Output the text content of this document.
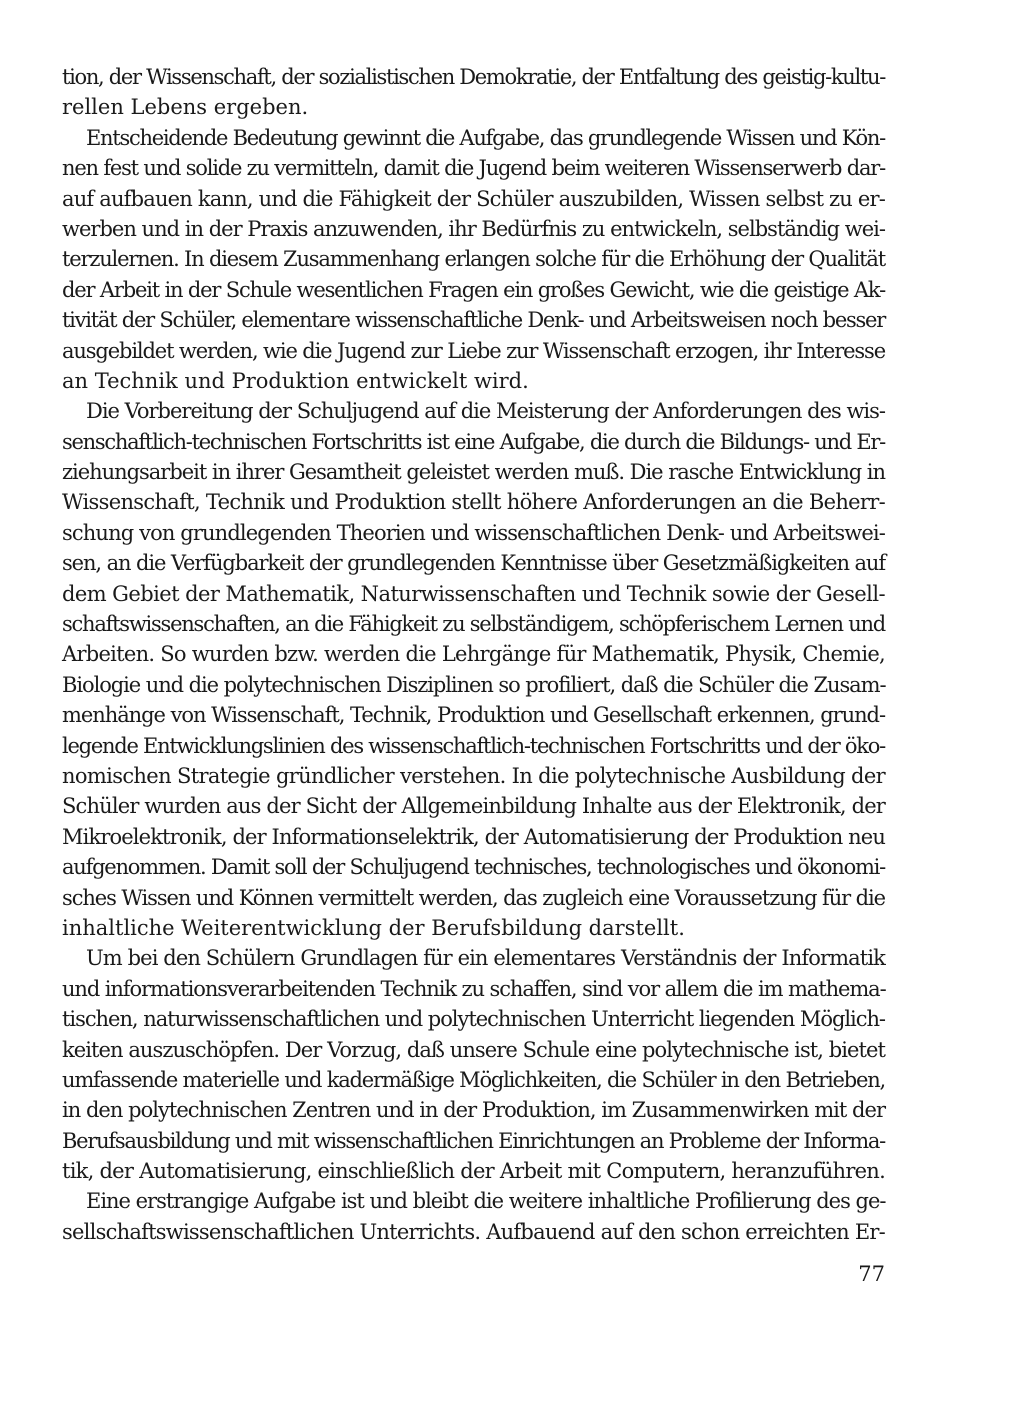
tion, der Wissenschaft, der sozialistischen Demokratie, der Entfaltung des geistig-kultu-
rellen Lebens ergeben.
Entscheidende Bedeutung gewinnt die Aufgabe, das grundlegende Wissen und Kön-
nen fest und solide zu vermitteln, damit die Jugend beim weiteren Wissenserwerb dar-
auf aufbauen kann, und die Fähigkeit der Schüler auszubilden, Wissen selbst zu er-
werben und in der Praxis anzuwenden, ihr Bedürfnis zu entwickeln, selbständig wei-
terzulernen. In diesem Zusammenhang erlangen solche für die Erhöhung der Qualität
der Arbeit in der Schule wesentlichen Fragen ein großes Gewicht, wie die geistige Ak-
tivität der Schüler, elementare wissenschaftliche Denk- und Arbeitsweisen noch besser
ausgebildet werden, wie die Jugend zur Liebe zur Wissenschaft erzogen, ihr Interesse
an Technik und Produktion entwickelt wird.
Die Vorbereitung der Schuljugend auf die Meisterung der Anforderungen des wis-
senschaftlich-technischen Fortschritts ist eine Aufgabe, die durch die Bildungs- und Er-
ziehungsarbeit in ihrer Gesamtheit geleistet werden muß. Die rasche Entwicklung in
Wissenschaft, Technik und Produktion stellt höhere Anforderungen an die Beherr-
schung von grundlegenden Theorien und wissenschaftlichen Denk- und Arbeitswei-
sen, an die Verfügbarkeit der grundlegenden Kenntnisse über Gesetzmäßigkeiten auf
dem Gebiet der Mathematik, Naturwissenschaften und Technik sowie der Gesell-
schaftswissenschaften, an die Fähigkeit zu selbständigem, schöpferischem Lernen und
Arbeiten. So wurden bzw. werden die Lehrgänge für Mathematik, Physik, Chemie,
Biologie und die polytechnischen Disziplinen so profiliert, daß die Schüler die Zusam-
menhänge von Wissenschaft, Technik, Produktion und Gesellschaft erkennen, grund-
legende Entwicklungslinien des wissenschaftlich-technischen Fortschritts und der öko-
nomischen Strategie gründlicher verstehen. In die polytechnische Ausbildung der
Schüler wurden aus der Sicht der Allgemeinbildung Inhalte aus der Elektronik, der
Mikroelektronik, der Informationselektrik, der Automatisierung der Produktion neu
aufgenommen. Damit soll der Schuljugend technisches, technologisches und ökonomi-
sches Wissen und Können vermittelt werden, das zugleich eine Voraussetzung für die
inhaltliche Weiterentwicklung der Berufsbildung darstellt.
Um bei den Schülern Grundlagen für ein elementares Verständnis der Informatik
und informationsverarbeitenden Technik zu schaffen, sind vor allem die im mathema-
tischen, naturwissenschaftlichen und polytechnischen Unterricht liegenden Möglich-
keiten auszuschöpfen. Der Vorzug, daß unsere Schule eine polytechnische ist, bietet
umfassende materielle und kadermäßige Möglichkeiten, die Schüler in den Betrieben,
in den polytechnischen Zentren und in der Produktion, im Zusammenwirken mit der
Berufsausbildung und mit wissenschaftlichen Einrichtungen an Probleme der Informa-
tik, der Automatisierung, einschließlich der Arbeit mit Computern, heranzuführen.
Eine erstrangige Aufgabe ist und bleibt die weitere inhaltliche Profilierung des ge-
sellschaftswissenschaftlichen Unterrichts. Aufbauend auf den schon erreichten Er-
77
